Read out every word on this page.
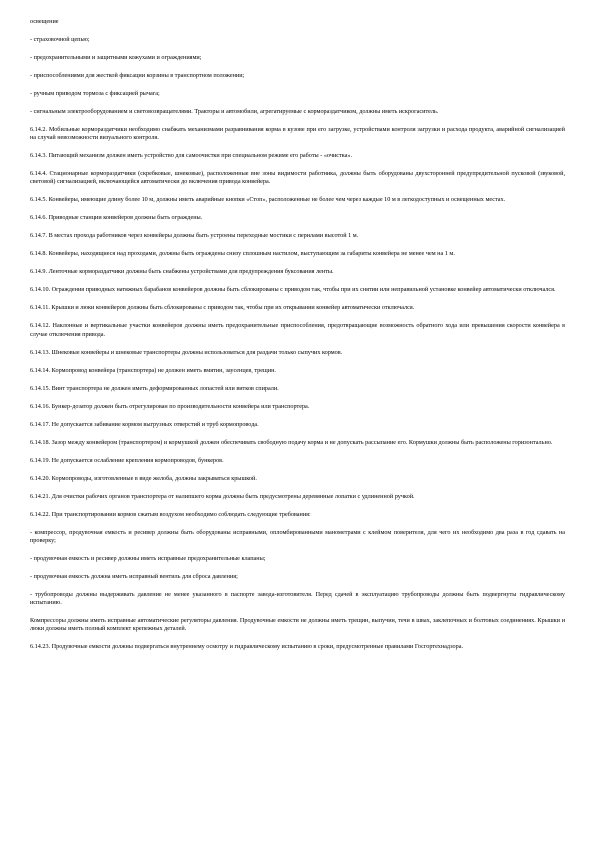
освещение

- страховочной цепью;

- предохранительными и защитными кожухами и ограждениями;

- приспособлениями для жесткой фиксации корзины в транспортном положении;

- ручным приводом тормоза с фиксацией рычага;

- сигнальным электрооборудованием и световозвращателями. Тракторы и автомобили, агрегатируемые с кормораздатчиком, должны иметь искрогаситель.

6.14.2. Мобильные кормораздатчики необходимо снабжать механизмами разравнивания корма в кузове при его загрузке, устройствами контроля загрузки и расхода продукта, аварийной сигнализацией на случай невозможности визуального контроля.

6.14.3. Питающий механизм должен иметь устройство для самоочистки при специальном режиме его работы - «очистка».

6.14.4. Стационарные кормораздатчики (скребковые, шнековые), расположенные вне зоны видимости работника, должны быть оборудованы двухсторонней предупредительной пусковой (звуковой, световой) сигнализацией, включающейся автоматически до включения привода конвейера.

6.14.5. Конвейеры, имеющие длину более 10 м, должны иметь аварийные кнопки «Стоп», расположенные не более чем через каждые 10 м в легкодоступных и освещенных местах.

6.14.6. Приводные станции конвейеров должны быть ограждены.

6.14.7. В местах прохода работников через конвейеры должны быть устроены переходные мостики с перилами высотой 1 м.

6.14.8. Конвейеры, находящиеся над проходами, должны быть ограждены снизу сплошным настилом, выступающим за габариты конвейера не менее чем на 1 м.

6.14.9. Ленточные кормораздатчики должны быть снабжены устройствами для предупреждения буксования ленты.

6.14.10. Ограждения приводных натяжных барабанов конвейеров должны быть сблокированы с приводом так, чтобы при их снятии или неправильной установке конвейер автоматически отключался.

6.14.11. Крышки и люки конвейеров должны быть сблокированы с приводом так, чтобы при их открывании конвейер автоматически отключался.

6.14.12. Наклонные и вертикальные участки конвейеров должны иметь предохранительные приспособления, предотвращающие возможность обратного хода или превышения скорости конвейера в случае отключения привода.

6.14.13. Шнековые конвейеры и шнековые транспортеры должны использоваться для раздачи только сыпучих кормов.

6.14.14. Кормопровод конвейера (транспортера) не должен иметь вмятин, заусенцев, трещин.

6.14.15. Винт транспортера не должен иметь деформированных лопастей или витков спирали.

6.14.16. Бункер-дозатор должен быть отрегулирован по производительности конвейера или транспортера.

6.14.17. Не допускается забивание кормом выгрузных отверстий и труб кормопровода.

6.14.18. Зазор между конвейером (транспортером) и кормушкой должен обеспечивать свободную подачу корма и не допускать рассыпание его. Кормушки должны быть расположены горизонтально.

6.14.19. Не допускается ослабление крепления кормопроводов, бункеров.

6.14.20. Кормопроводы, изготовленные в виде желоба, должны закрываться крышкой.

6.14.21. Для очистки рабочих органов транспортера от налипшего корма должны быть предусмотрены деревянные лопатки с удлиненной ручкой.

6.14.22. При транспортировании кормов сжатым воздухом необходимо соблюдать следующие требования:

- компрессор, продувочная емкость и ресивер должны быть оборудованы исправными, опломбированными манометрами с клеймом поверителя, для чего их необходимо два раза в год сдавать на проверку;

- продувочная емкость и ресивер должны иметь исправные предохранительные клапаны;

- продувочная емкость должна иметь исправный вентиль для сброса давления;

- трубопроводы должны выдерживать давление не менее указанного в паспорте завода-изготовителя. Перед сдачей в эксплуатацию трубопроводы должны быть подвергнуты гидравлическому испытанию.

Компрессоры должны иметь исправные автоматические регуляторы давления. Продувочные емкости не должны иметь трещин, выпучин, течи в швах, заклепочных и болтовых соединениях. Крышки и люки должны иметь полный комплект крепежных деталей.

6.14.23. Продувочные емкости должны подвергаться внутреннему осмотру и гидравлическому испытанию в сроки, предусмотренные правилами Госгортехнадзора.
